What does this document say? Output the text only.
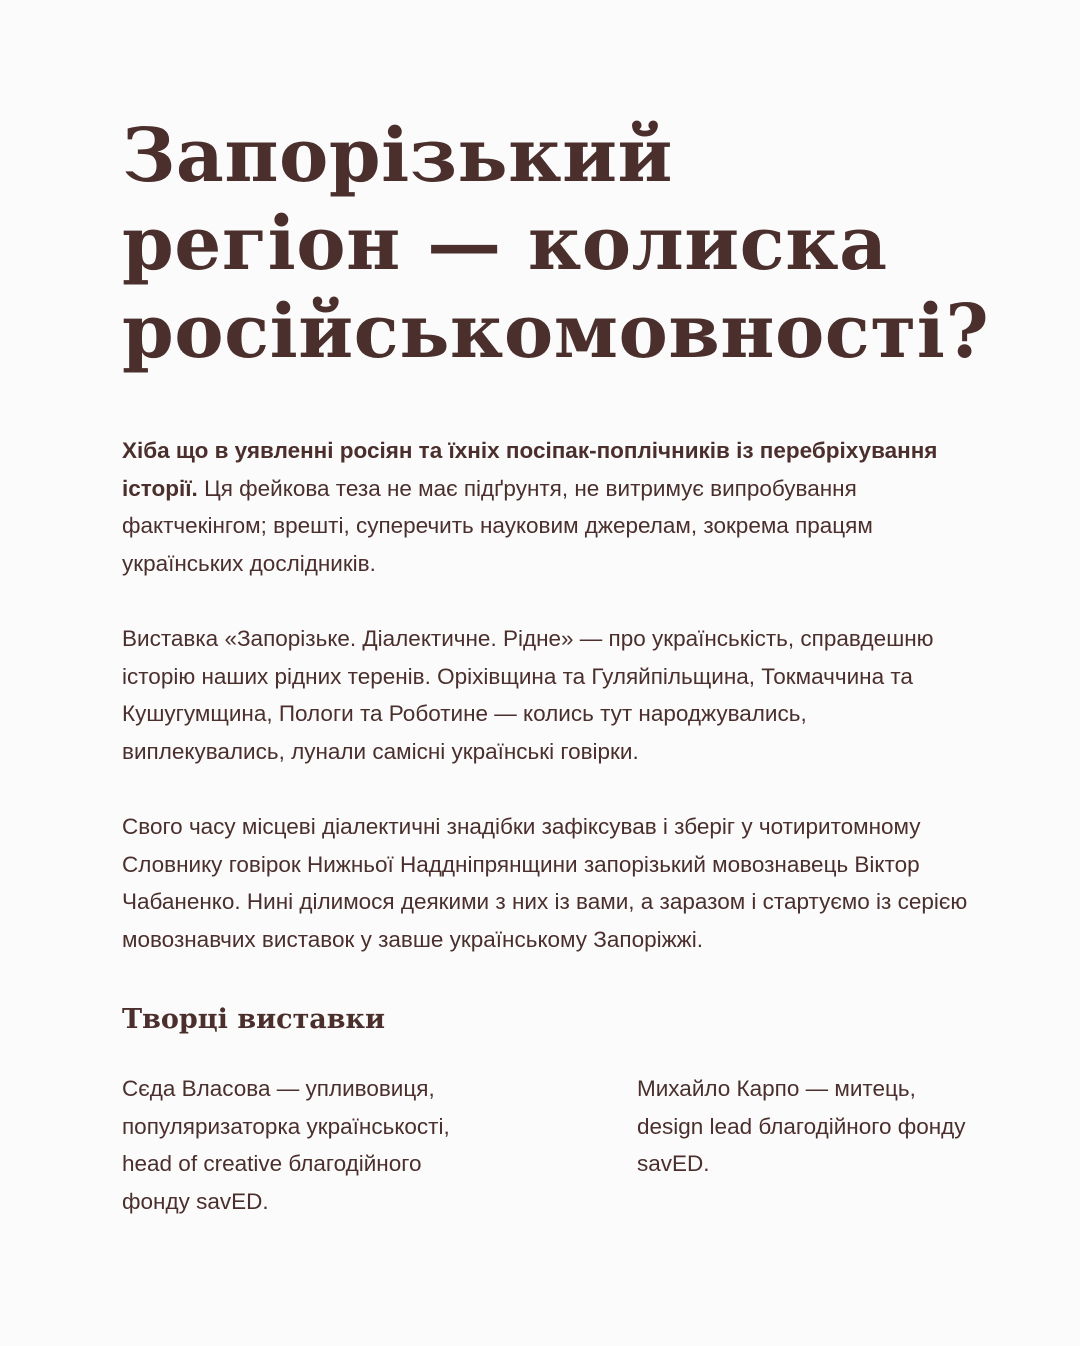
Запорізький
регіон — колиска
російськомовності?

Хіба що в уявленні росіян та їхніх посіпак-поплічників із перебріхування історії. Ця фейкова теза не має підґрунтя, не витримує випробування фактчекінгом; врешті, суперечить науковим джерелам, зокрема працям українських дослідників.

Виставка «Запорізьке. Діалектичне. Рідне» — про українськість, справдешню історію наших рідних теренів. Оріхівщина та Гуляйпільщина, Токмаччина та Кушугумщина, Пологи та Роботине — колись тут народжувались, виплекувались, лунали самісні українські говірки.

Свого часу місцеві діалектичні знадібки зафіксував і зберіг у чотиритомному Словнику говірок Нижньої Наддніпрянщини запорізький мовознавець Віктор Чабаненко. Нині ділимося деякими з них із вами, а заразом і стартуємо із серією мовознавчих виставок у завше українському Запоріжжі.

Творці виставки

Сєда Власова — упливовиця, популяризаторка українськості, head of creative благодійного фонду savED.

Михайло Карпо — митець, design lead благодійного фонду savED.
